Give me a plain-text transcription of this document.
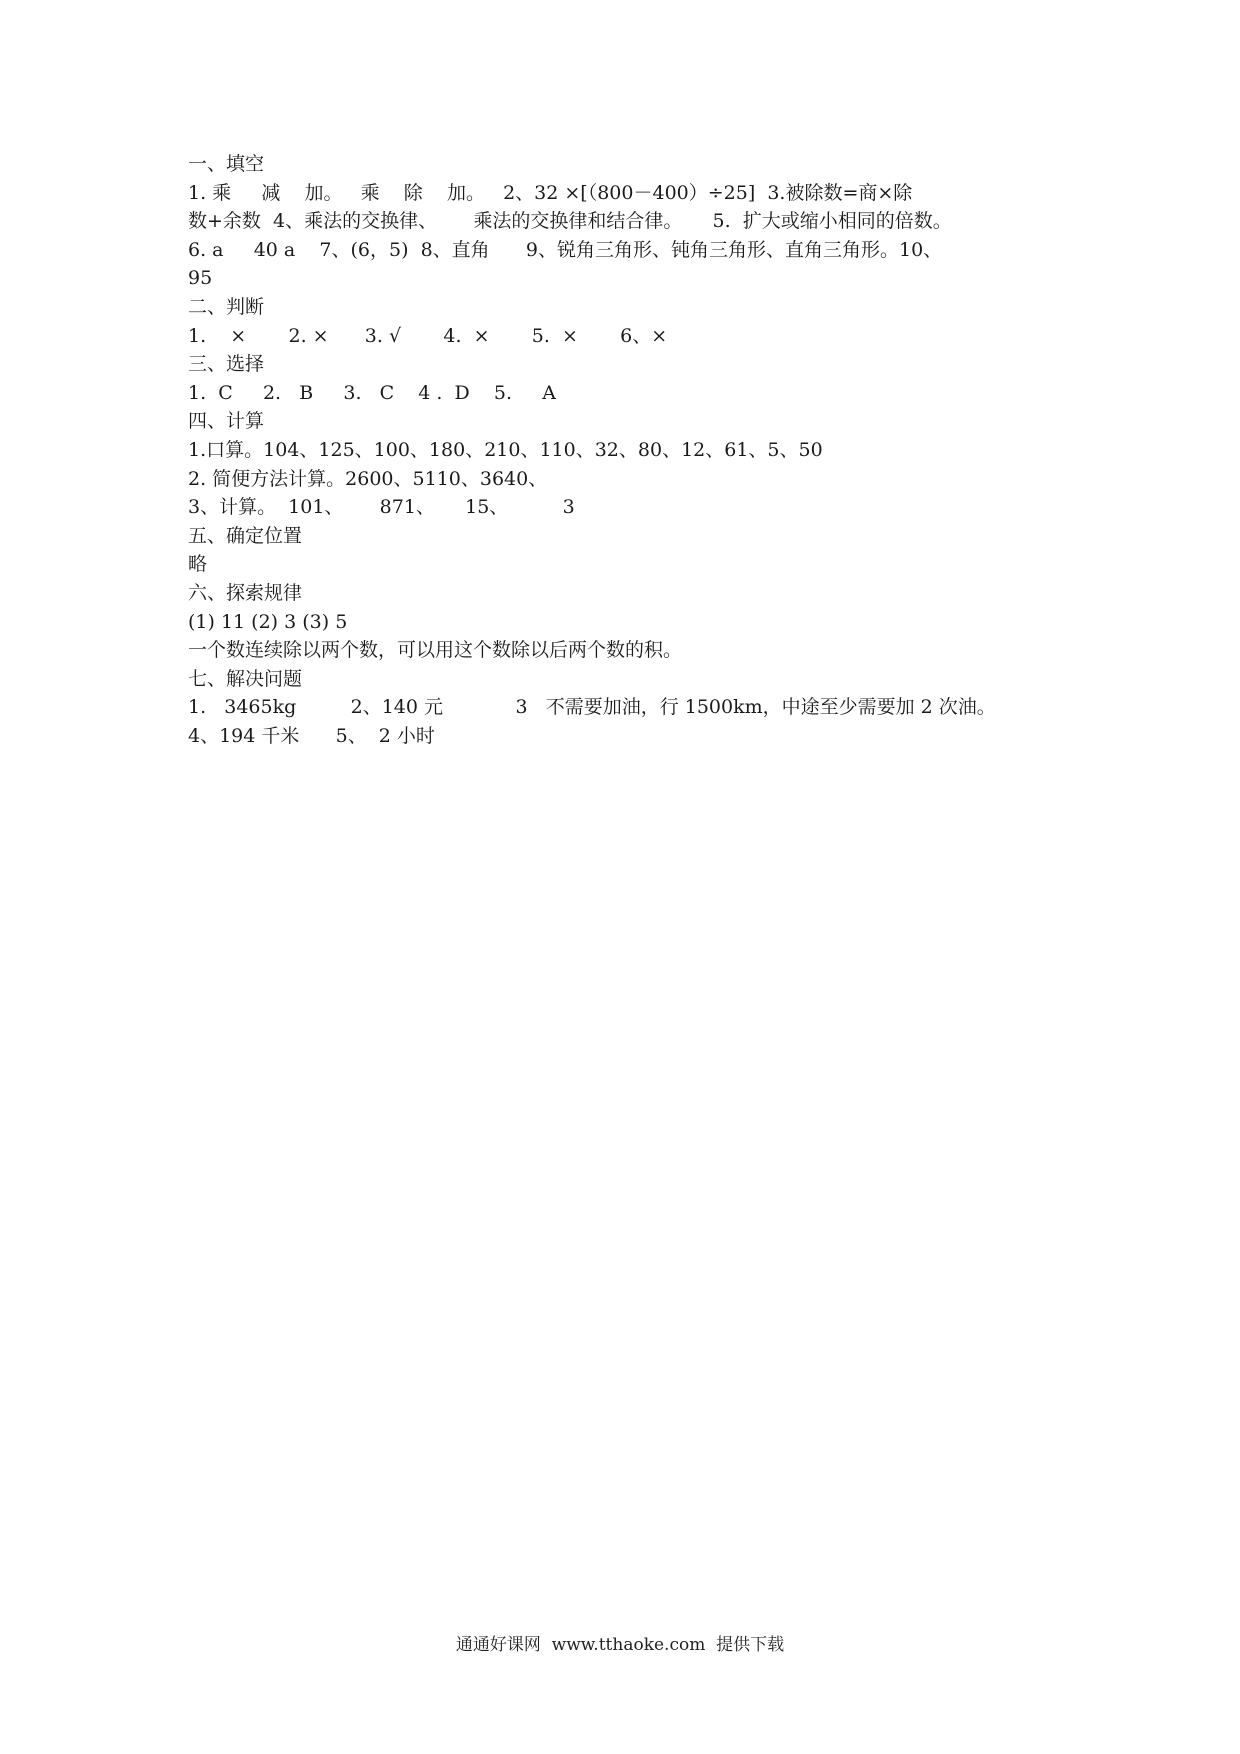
一、填空
1. 乘     减    加。   乘    除    加。   2、32 ×[（800－400）÷25]  3.被除数=商×除
数+余数  4、乘法的交换律、      乘法的交换律和结合律。     5.  扩大或缩小相同的倍数。
6. a     40 a    7、(6，5)  8、直角      9、锐角三角形、钝角三角形、直角三角形。10、
95
二、判断
1.    ×       2. ×      3. √       4.  ×       5.  ×       6、×
三、选择
1.  C     2.   B     3.   C    4 .  D    5.     A
四、计算
1.口算。104、125、100、180、210、110、32、80、12、61、5、50
2. 简便方法计算。2600、5110、3640、
3、计算。  101、      871、     15、         3
五、确定位置
略
六、探索规律
(1) 11 (2) 3 (3) 5
一个数连续除以两个数，可以用这个数除以后两个数的积。
七、解决问题
1.   3465kg         2、140 元            3   不需要加油，行 1500km，中途至少需要加 2 次油。
4、194 千米      5、  2 小时
通通好课网  www.tthaoke.com  提供下载
